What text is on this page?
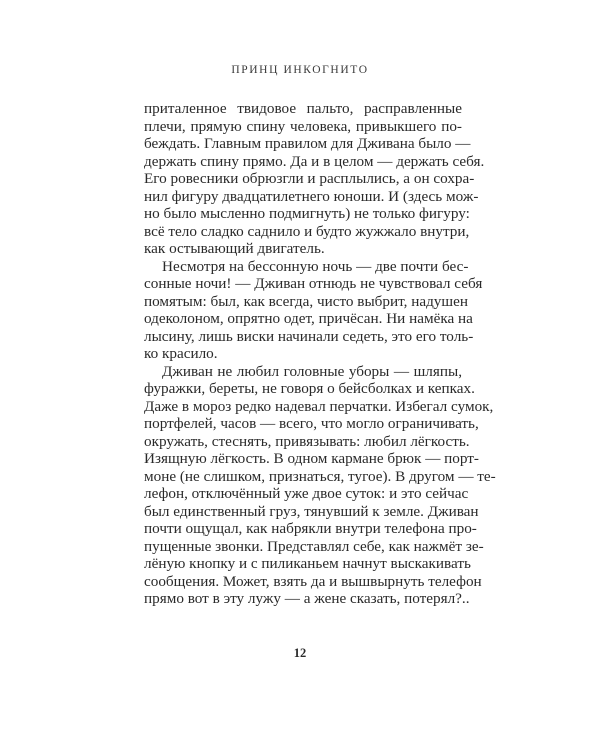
ПРИНЦ ИНКОГНИТО
приталенное твидовое пальто, расправленные
плечи, прямую спину человека, привыкшего по-
беждать. Главным правилом для Дживана было —
держать спину прямо. Да и в целом — держать себя.
Его ровесники обрюзгли и расплылись, а он сохра-
нил фигуру двадцатилетнего юноши. И (здесь мож-
но было мысленно подмигнуть) не только фигуру:
всё тело сладко саднило и будто жужжало внутри,
как остывающий двигатель.
Несмотря на бессонную ночь — две почти бес-
сонные ночи! — Дживан отнюдь не чувствовал себя
помятым: был, как всегда, чисто выбрит, надушен
одеколоном, опрятно одет, причёсан. Ни намёка на
лысину, лишь виски начинали седеть, это его толь-
ко красило.
Дживан не любил головные уборы — шляпы,
фуражки, береты, не говоря о бейсболках и кепках.
Даже в мороз редко надевал перчатки. Избегал сумок,
портфелей, часов — всего, что могло ограничивать,
окружать, стеснять, привязывать: любил лёгкость.
Изящную лёгкость. В одном кармане брюк — порт-
моне (не слишком, признаться, тугое). В другом — те-
лефон, отключённый уже двое суток: и это сейчас
был единственный груз, тянувший к земле. Дживан
почти ощущал, как набрякли внутри телефона про-
пущенные звонки. Представлял себе, как нажмёт зе-
лёную кнопку и с пиликаньем начнут выскакивать
сообщения. Может, взять да и вышвырнуть телефон
прямо вот в эту лужу — а жене сказать, потерял?..
12
